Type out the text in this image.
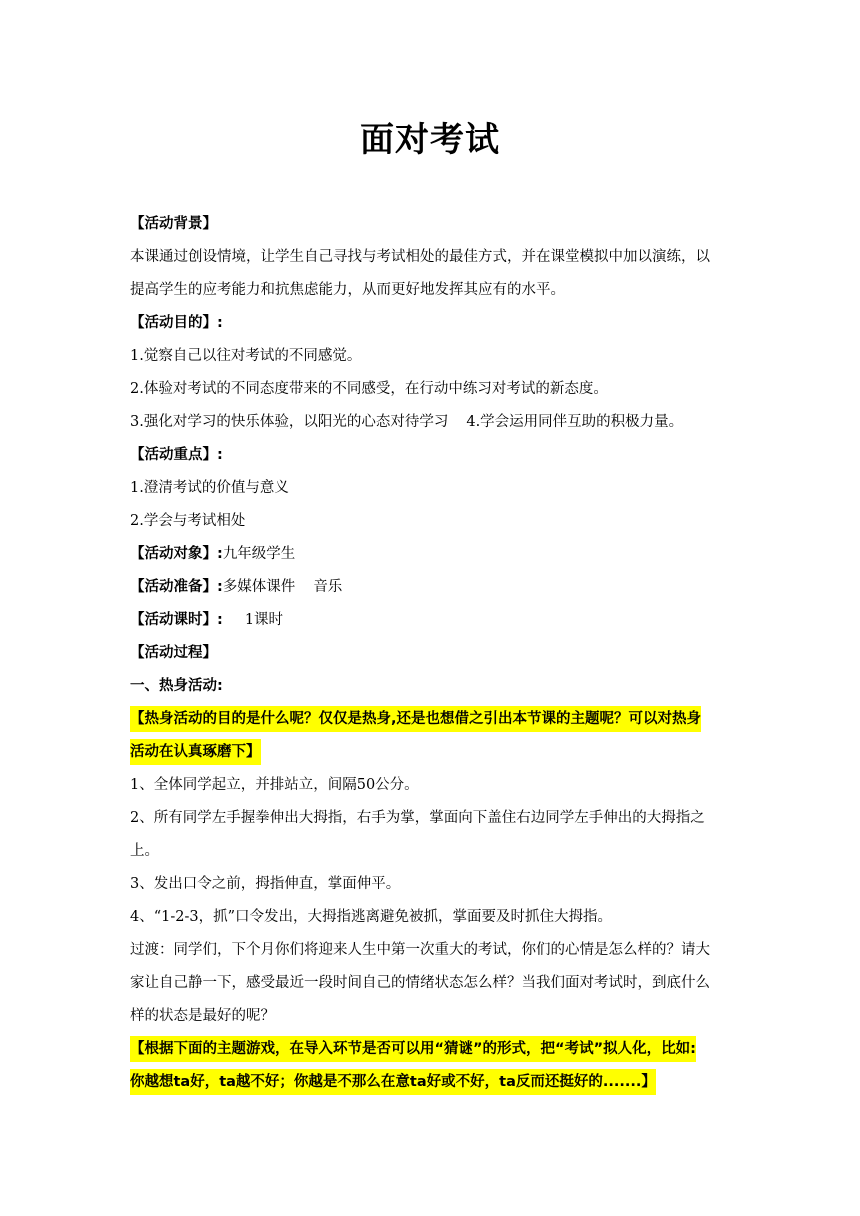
面对考试
【活动背景】
本课通过创设情境，让学生自己寻找与考试相处的最佳方式，并在课堂模拟中加以演练，以
提高学生的应考能力和抗焦虑能力，从而更好地发挥其应有的水平。
【活动目的】:
1.觉察自己以往对考试的不同感觉。
2.体验对考试的不同态度带来的不同感受，在行动中练习对考试的新态度。
3.强化对学习的快乐体验，以阳光的心态对待学习 4.学会运用同伴互助的积极力量。
【活动重点】:
1.澄清考试的价值与意义
2.学会与考试相处
【活动对象】:九年级学生
【活动准备】:多媒体课件 音乐
【活动课时】: 1课时
【活动过程】
一、热身活动:
【热身活动的目的是什么呢？仅仅是热身,还是也想借之引出本节课的主题呢？可以对热身
活动在认真琢磨下】
1、全体同学起立，并排站立，间隔50公分。
2、所有同学左手握拳伸出大拇指，右手为掌，掌面向下盖住右边同学左手伸出的大拇指之
上。
3、发出口令之前，拇指伸直，掌面伸平。
4、“1-2-3，抓”口令发出，大拇指逃离避免被抓，掌面要及时抓住大拇指。
过渡：同学们，下个月你们将迎来人生中第一次重大的考试，你们的心情是怎么样的？请大
家让自己静一下，感受最近一段时间自己的情绪状态怎么样？当我们面对考试时，到底什么
样的状态是最好的呢？
【根据下面的主题游戏，在导入环节是否可以用“猜谜”的形式，把“考试”拟人化，比如:
你越想ta好，ta越不好；你越是不那么在意ta好或不好，ta反而还挺好的.......】
